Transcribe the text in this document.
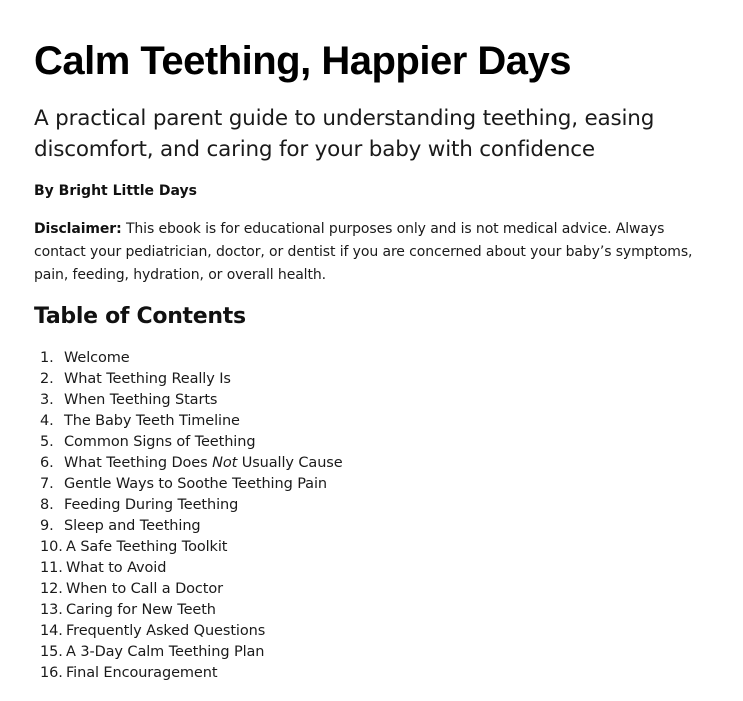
Calm Teething, Happier Days

A practical parent guide to understanding teething, easing discomfort, and caring for your baby with confidence

By Bright Little Days

Disclaimer: This ebook is for educational purposes only and is not medical advice. Always contact your pediatrician, doctor, or dentist if you are concerned about your baby’s symptoms, pain, feeding, hydration, or overall health.

Table of Contents
1. Welcome
2. What Teething Really Is
3. When Teething Starts
4. The Baby Teeth Timeline
5. Common Signs of Teething
6. What Teething Does Not Usually Cause
7. Gentle Ways to Soothe Teething Pain
8. Feeding During Teething
9. Sleep and Teething
10. A Safe Teething Toolkit
11. What to Avoid
12. When to Call a Doctor
13. Caring for New Teeth
14. Frequently Asked Questions
15. A 3-Day Calm Teething Plan
16. Final Encouragement
